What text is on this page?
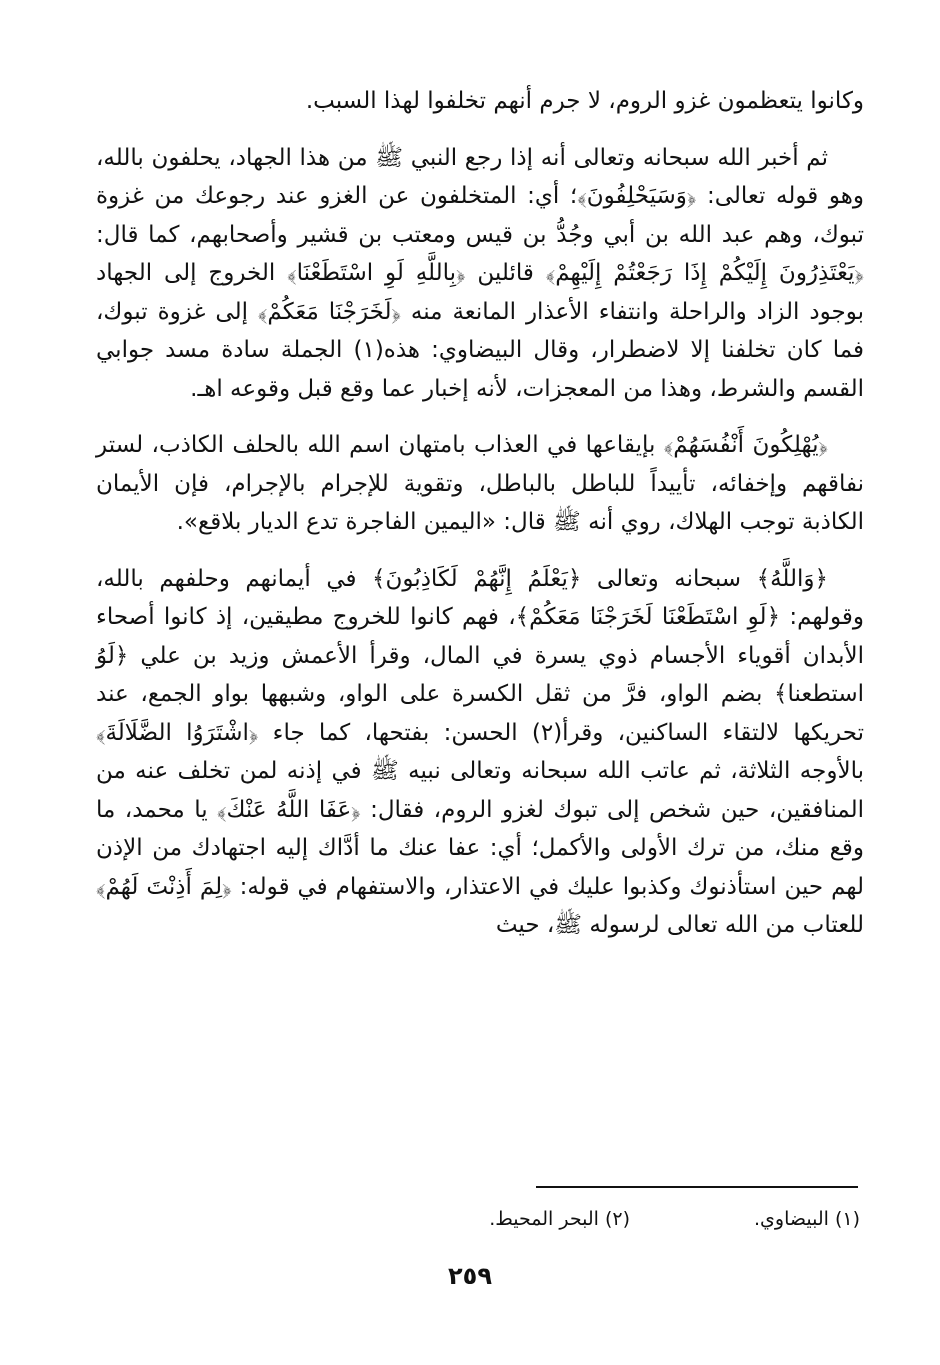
وكانوا يتعظمون غزو الروم، لا جرم أنهم تخلفوا لهذا السبب.

ثم أخبر الله سبحانه وتعالى أنه إذا رجع النبي ﷺ من هذا الجهاد، يحلفون بالله، وهو قوله تعالى: ﴿وَسَيَحْلِفُونَ﴾؛ أي: المتخلفون عن الغزو عند رجوعك من غزوة تبوك، وهم عبد الله بن أبي وجُدُّ بن قيس ومعتب بن قشير وأصحابهم، كما قال: ﴿يَعْتَذِرُونَ إِلَيْكُمْ إِذَا رَجَعْتُمْ إِلَيْهِمْ﴾ قائلين ﴿بِاللَّهِ لَوِ اسْتَطَعْنَا﴾ الخروج إلى الجهاد بوجود الزاد والراحلة وانتفاء الأعذار المانعة منه ﴿لَخَرَجْنَا مَعَكُمْ﴾ إلى غزوة تبوك، فما كان تخلفنا إلا لاضطرار، وقال البيضاوي: هذه(١) الجملة سادة مسد جوابي القسم والشرط، وهذا من المعجزات، لأنه إخبار عما وقع قبل وقوعه اهـ.

﴿يُهْلِكُونَ أَنْفُسَهُمْ﴾ بإيقاعها في العذاب بامتهان اسم الله بالحلف الكاذب، لستر نفاقهم وإخفائه، تأييداً للباطل بالباطل، وتقوية للإجرام بالإجرام، فإن الأيمان الكاذبة توجب الهلاك، روي أنه ﷺ قال: «اليمين الفاجرة تدع الديار بلاقع».

﴿وَاللَّهُ﴾ سبحانه وتعالى ﴿يَعْلَمُ إِنَّهُمْ لَكَاذِبُونَ﴾ في أيمانهم وحلفهم بالله، وقولهم: ﴿لَوِ اسْتَطَعْنَا لَخَرَجْنَا مَعَكُمْ﴾، فهم كانوا للخروج مطيقين، إذ كانوا أصحاء الأبدان أقوياء الأجسام ذوي يسرة في المال، وقرأ الأعمش وزيد بن علي ﴿لَوُ استطعنا﴾ بضم الواو، فرَّ من ثقل الكسرة على الواو، وشبهها بواو الجمع، عند تحريكها لالتقاء الساكنين، وقرأ(٢) الحسن: بفتحها، كما جاء ﴿اشْتَرَوُا الضَّلَالَةَ﴾ بالأوجه الثلاثة، ثم عاتب الله سبحانه وتعالى نبيه ﷺ في إذنه لمن تخلف عنه من المنافقين، حين شخص إلى تبوك لغزو الروم، فقال: ﴿عَفَا اللَّهُ عَنْكَ﴾ يا محمد، ما وقع منك، من ترك الأولى والأكمل؛ أي: عفا عنك ما أدَّاك إليه اجتهادك من الإذن لهم حين استأذنوك وكذبوا عليك في الاعتذار، والاستفهام في قوله: ﴿لِمَ أَذِنْتَ لَهُمْ﴾ للعتاب من الله تعالى لرسوله ﷺ، حيث

(١) البيضاوي.
(٢) البحر المحيط.
٢٥٩
